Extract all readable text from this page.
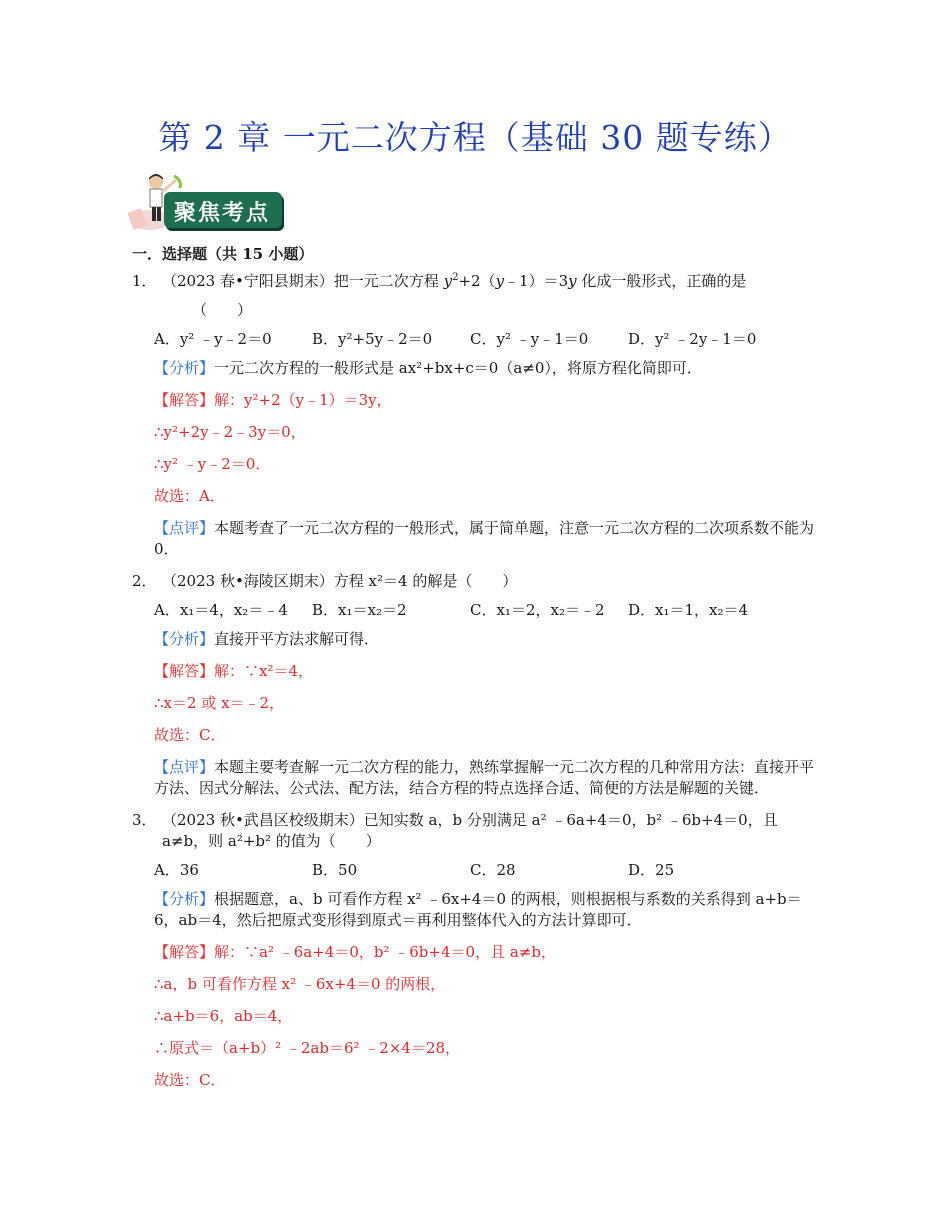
第 2 章 一元二次方程（基础 30 题专练）
聚焦考点
一．选择题（共 15 小题）
1． （2023 春•宁阳县期末）把一元二次方程 $y^2+2(y﹣1)=3y$ 化成一般形式，正确的是
（　　）
A．y² ﹣y﹣2＝0	B．y²+5y﹣2＝0	C．y² ﹣y﹣1＝0	D．y² ﹣2y﹣1＝0
【分析】一元二次方程的一般形式是 ax²+bx+c＝0（a≠0），将原方程化简即可．
【解答】解：y²+2（y﹣1）＝3y，
∴y²+2y﹣2﹣3y＝0，
∴y² ﹣y﹣2＝0．
故选：A．
【点评】本题考查了一元二次方程的一般形式，属于简单题，注意一元二次方程的二次项系数不能为 0．
2． （2023 秋•海陵区期末）方程 x²＝4 的解是（　　）
A．x₁＝4，x₂＝﹣4	B．x₁＝x₂＝2	C．x₁＝2，x₂＝﹣2	D．x₁＝1，x₂＝4
【分析】直接开平方法求解可得．
【解答】解：∵x²＝4，
∴x＝2 或 x＝﹣2，
故选：C．
【点评】本题主要考查解一元二次方程的能力，熟练掌握解一元二次方程的几种常用方法：直接开平方法、因式分解法、公式法、配方法，结合方程的特点选择合适、简便的方法是解题的关键．
3． （2023 秋•武昌区校级期末）已知实数 a，b 分别满足 a² ﹣6a+4＝0，b² ﹣6b+4＝0，且 a≠b，则 a²+b² 的值为（　　）
A．36	B．50	C．28	D．25
【分析】根据题意，a、b 可看作方程 x² ﹣6x+4＝0 的两根，则根据根与系数的关系得到 a+b＝6，ab＝4，然后把原式变形得到原式＝再利用整体代入的方法计算即可．
【解答】解：∵a² ﹣6a+4＝0，b² ﹣6b+4＝0，且 a≠b，
∴a，b 可看作方程 x² ﹣6x+4＝0 的两根，
∴a+b＝6，ab＝4，
∴原式＝（a+b）² ﹣2ab＝6² ﹣2×4＝28，
故选：C．
